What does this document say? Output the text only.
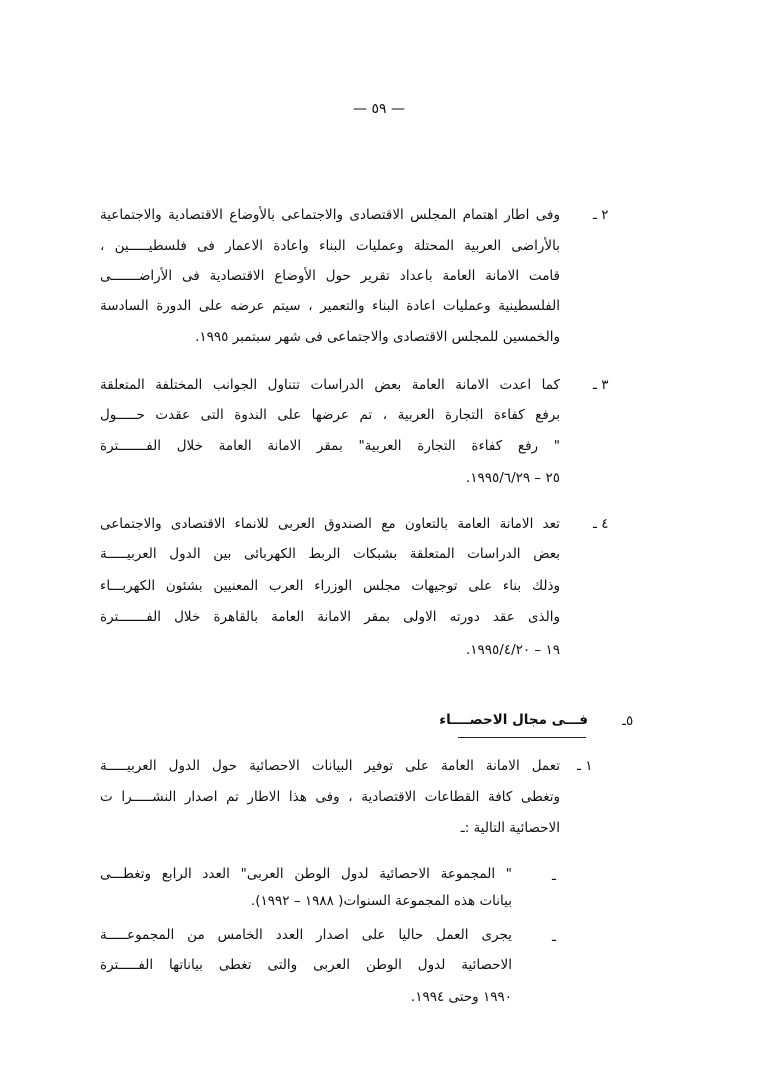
— ٥٩ —
٢ ـ
وفى اطار اهتمام المجلس الاقتصادى والاجتماعى بالأوضاع الاقتصادية والاجتماعية
بالأراضى العربية المحتلة وعمليات البناء واعادة الاعمار فى فلسطيـــــين ،
قامت الامانة العامة باعداد تقرير حول الأوضاع الاقتصادية فى الأراضـــــــى
الفلسطينية وعمليات اعادة البناء والتعمير ، سيتم عرضه على الدورة السادسة
والخمسين للمجلس الاقتصادى والاجتماعى فى شهر سبتمبر ١٩٩٥.
٣ ـ
كما اعدت الامانة العامة بعض الدراسات تتناول الجوانب المختلفة المتعلقة
برفع كفاءة التجارة العربية ، تم عرضها على الندوة التى عقدت حـــــول
" رفع كفاءة التجارة العربية" بمقر الامانة العامة خلال الفـــــــترة
٢٥ – ١٩٩٥/٦/٢٩.
٤ ـ
تعد الامانة العامة بالتعاون مع الصندوق العربى للانماء الاقتصادى والاجتماعى
بعض الدراسات المتعلقة بشبكات الربط الكهربائى بين الدول العربيـــــة
وذلك بناء على توجيهات مجلس الوزراء العرب المعنيين بشئون الكهربـــاء
والذى عقد دورته الاولى بمقر الامانة العامة بالقاهرة خلال الفـــــــترة
١٩ – ١٩٩٥/٤/٢٠.
٥ـ
فـــى مجال الاحصــــاء
١ ـ
تعمل الامانة العامة على توفير البيانات الاحصائية حول الدول العربيـــــة
وتغطى كافة القطاعات الاقتصادية ، وفى هذا الاطار تم اصدار النشـــــرا ت
الاحصائية التالية :ـ
ـ
" المجموعة الاحصائية لدول الوطن العربى" العدد الرابع وتغطـــى
بيانات هذه المجموعة السنوات( ١٩٨٨ – ١٩٩٢).
ـ
يجرى العمل حاليا على اصدار العدد الخامس من المجموعـــــة
الاحصائية لدول الوطن العربى والتى تغطى بياناتها الفـــــترة
١٩٩٠ وحتى ١٩٩٤.
